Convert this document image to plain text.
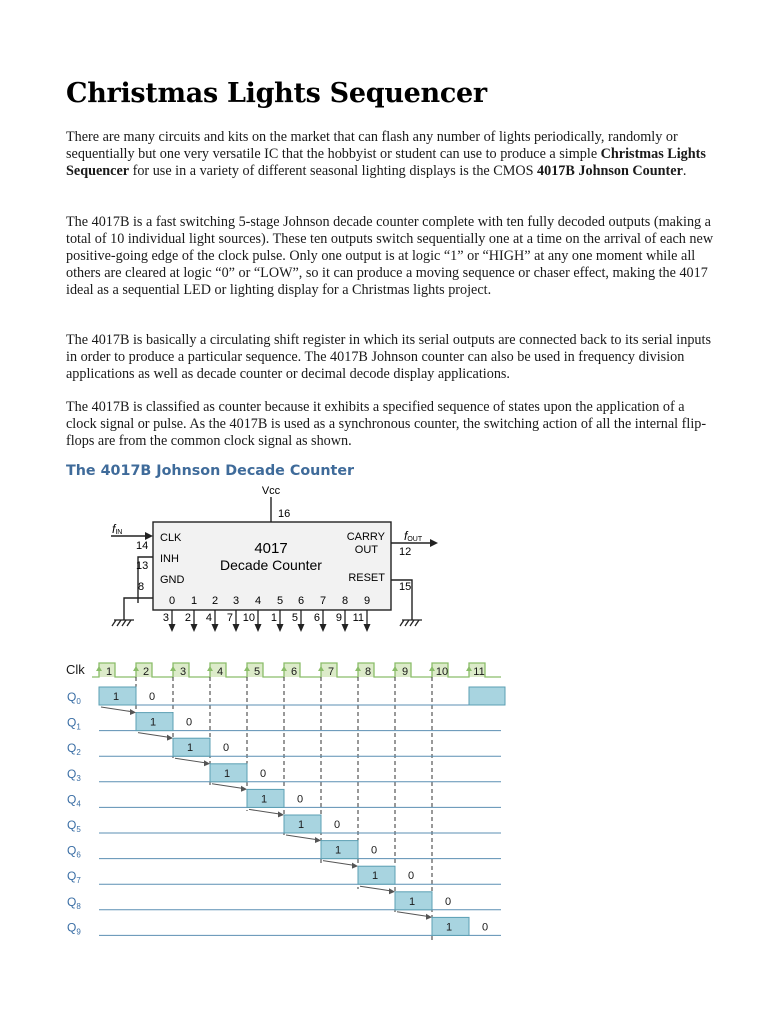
Christmas Lights Sequencer

There are many circuits and kits on the market that can flash any number of lights periodically, randomly or sequentially but one very versatile IC that the hobbyist or student can use to produce a simple Christmas Lights Sequencer for use in a variety of different seasonal lighting displays is the CMOS 4017B Johnson Counter.

The 4017B is a fast switching 5-stage Johnson decade counter complete with ten fully decoded outputs (making a total of 10 individual light sources). These ten outputs switch sequentially one at a time on the arrival of each new positive-going edge of the clock pulse. Only one output is at logic “1” or “HIGH” at any one moment while all others are cleared at logic “0” or “LOW”, so it can produce a moving sequence or chaser effect, making the 4017 ideal as a sequential LED or lighting display for a Christmas lights project.

The 4017B is basically a circulating shift register in which its serial outputs are connected back to its serial inputs in order to produce a particular sequence. The 4017B Johnson counter can also be used in frequency division applications as well as decade counter or decimal decode display applications.

The 4017B is classified as counter because it exhibits a specified sequence of states upon the application of a clock signal or pulse. As the 4017B is used as a synchronous counter, the switching action of all the internal flip-flops are from the common clock signal as shown.

The 4017B Johnson Decade Counter
Vcc
16
4017
Decade Counter
CLK
INH
GND
CARRY
OUT
RESET
fIN	fOUT
14
13
8
12
15
0
3
1
2
2
4
3
7
4
10
5
1
6
5
7
6
8
9
9
11
Clk 1	2	3	4	5	6	7	8	9	10 11
$Q_0$	1	0
$Q_1$	1	0
$Q_2$	1	0
$Q_3$	1	0
$Q_4$	1	0
$Q_5$	1	0
$Q_6$	1	0
$Q_7$	1	0
$Q_8$	1	0
$Q_9$	1	0
